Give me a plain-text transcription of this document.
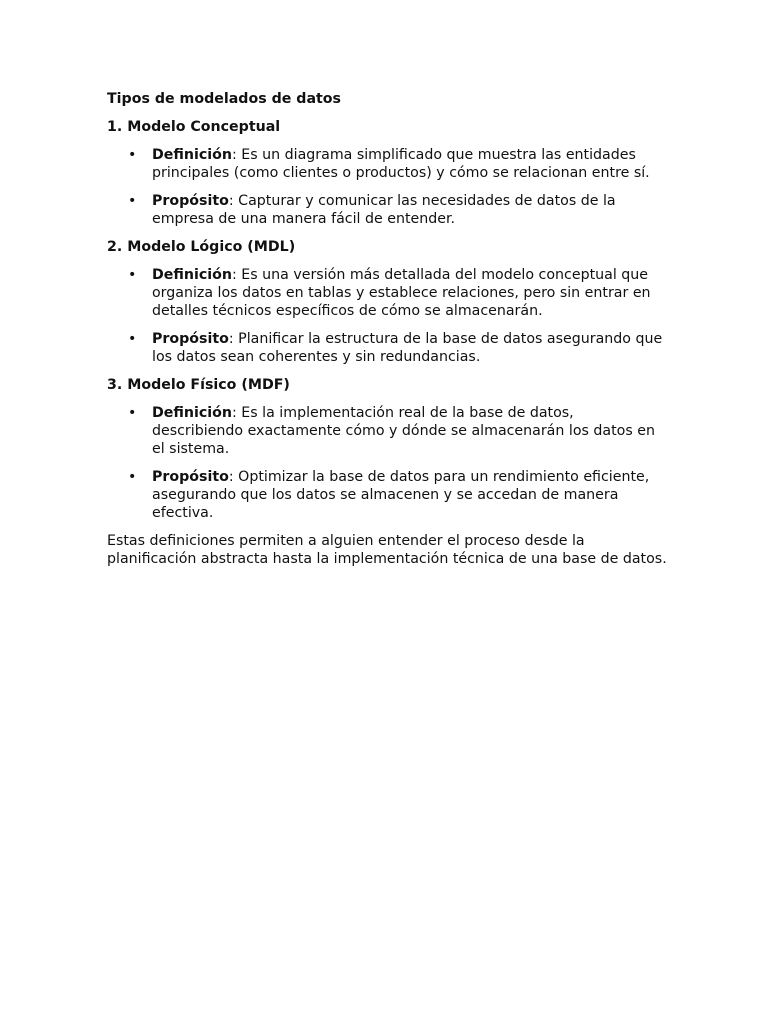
Tipos de modelados de datos

1. Modelo Conceptual

• Definición: Es un diagrama simplificado que muestra las entidades principales (como clientes o productos) y cómo se relacionan entre sí.
• Propósito: Capturar y comunicar las necesidades de datos de la empresa de una manera fácil de entender.

2. Modelo Lógico (MDL)

• Definición: Es una versión más detallada del modelo conceptual que organiza los datos en tablas y establece relaciones, pero sin entrar en detalles técnicos específicos de cómo se almacenarán.
• Propósito: Planificar la estructura de la base de datos asegurando que los datos sean coherentes y sin redundancias.

3. Modelo Físico (MDF)

• Definición: Es la implementación real de la base de datos, describiendo exactamente cómo y dónde se almacenarán los datos en el sistema.
• Propósito: Optimizar la base de datos para un rendimiento eficiente, asegurando que los datos se almacenen y se accedan de manera efectiva.

Estas definiciones permiten a alguien entender el proceso desde la planificación abstracta hasta la implementación técnica de una base de datos.
